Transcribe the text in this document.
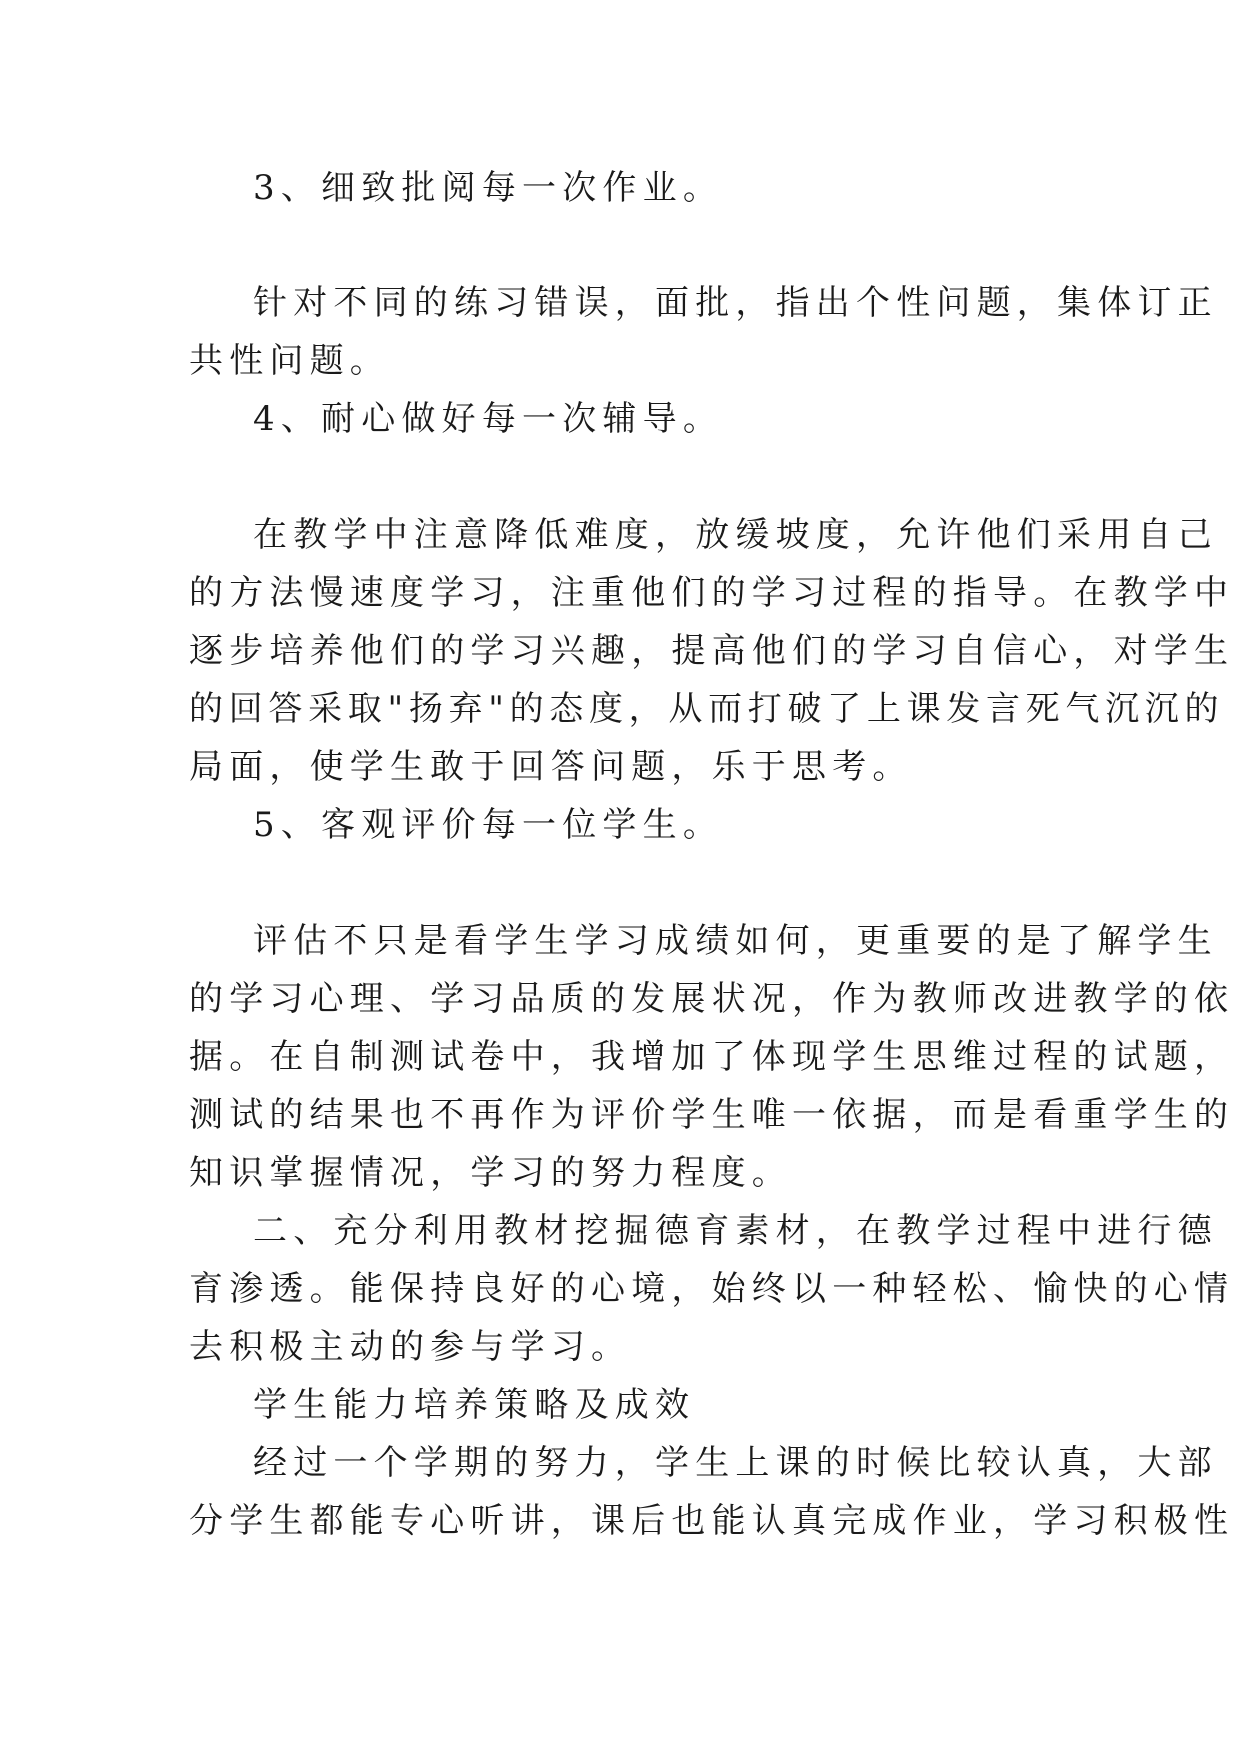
3、细致批阅每一次作业。
针对不同的练习错误，面批，指出个性问题，集体订正
共性问题。
4、耐心做好每一次辅导。
在教学中注意降低难度，放缓坡度，允许他们采用自己
的方法慢速度学习，注重他们的学习过程的指导。在教学中
逐步培养他们的学习兴趣，提高他们的学习自信心，对学生
的回答采取"扬弃"的态度，从而打破了上课发言死气沉沉的
局面，使学生敢于回答问题，乐于思考。
5、客观评价每一位学生。
评估不只是看学生学习成绩如何，更重要的是了解学生
的学习心理、学习品质的发展状况，作为教师改进教学的依
据。在自制测试卷中，我增加了体现学生思维过程的试题，
测试的结果也不再作为评价学生唯一依据，而是看重学生的
知识掌握情况，学习的努力程度。
二、充分利用教材挖掘德育素材，在教学过程中进行德
育渗透。能保持良好的心境，始终以一种轻松、愉快的心情
去积极主动的参与学习。
学生能力培养策略及成效
经过一个学期的努力，学生上课的时候比较认真，大部
分学生都能专心听讲，课后也能认真完成作业，学习积极性
